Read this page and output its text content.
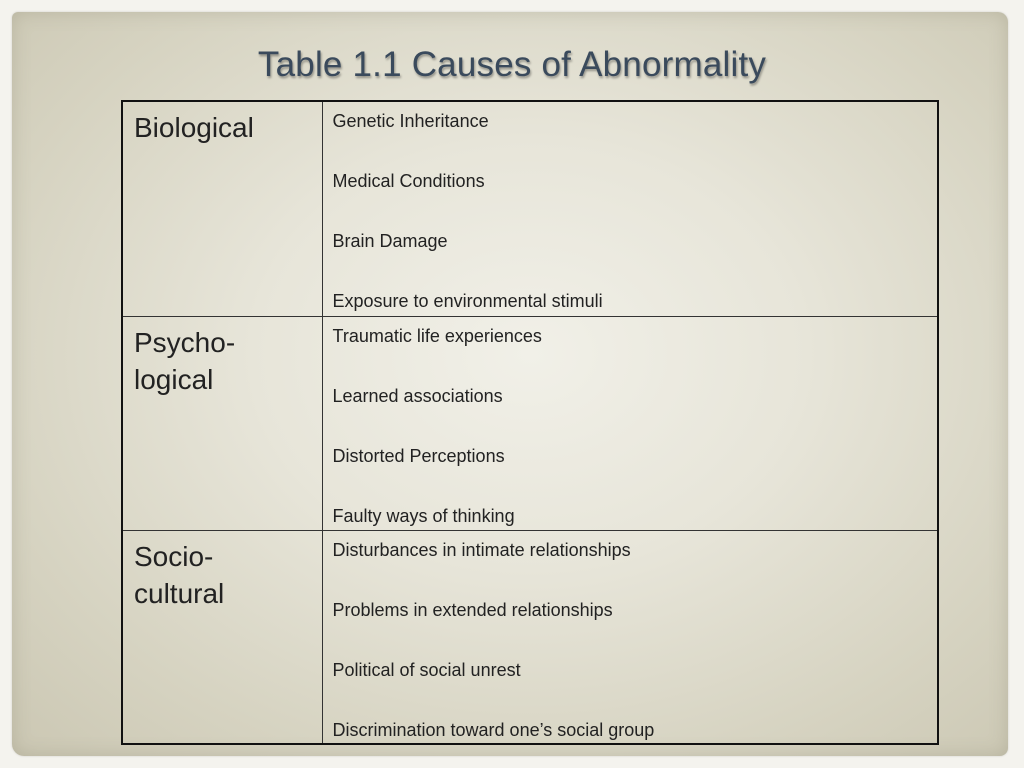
Table 1.1 Causes of Abnormality
Biological	Genetic Inheritance
Medical Conditions
Brain Damage
Exposure to environmental stimuli

Psycho-logical	Traumatic life experiences
Learned associations
Distorted Perceptions
Faulty ways of thinking

Socio-cultural	Disturbances in intimate relationships
Problems in extended relationships
Political of social unrest
Discrimination toward one’s social group
